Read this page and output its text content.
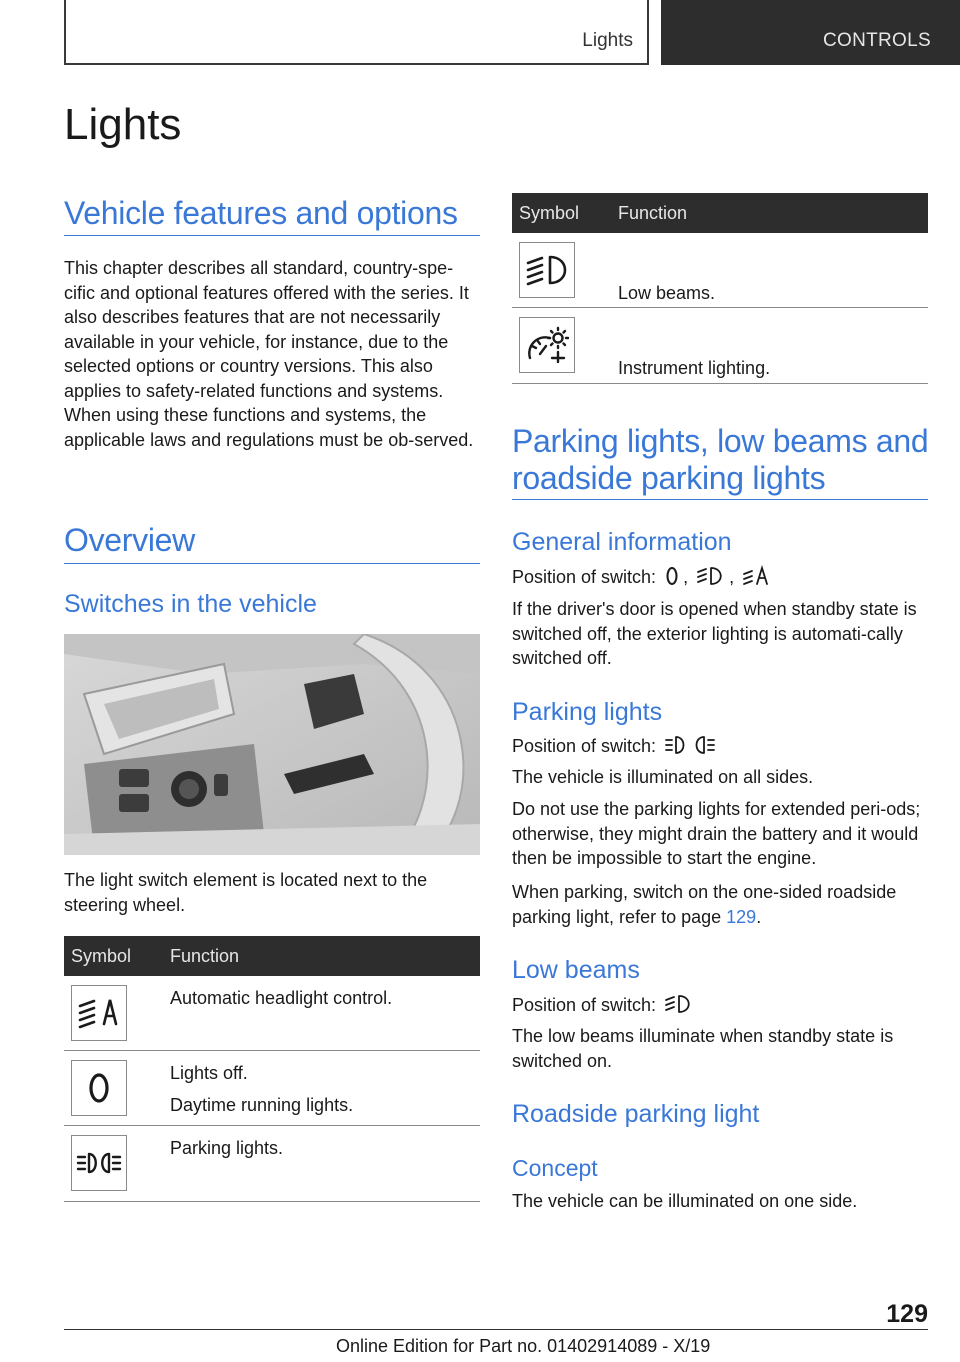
Lights	CONTROLS
Lights
Vehicle features and options

This chapter describes all standard, country-spe-cific and optional features offered with the series. It also describes features that are not necessarily available in your vehicle, for instance, due to the selected options or country versions. This also applies to safety-related functions and systems. When using these functions and systems, the applicable laws and regulations must be ob-served.

Overview
Switches in the vehicle

The light switch element is located next to the steering wheel.

Symbol Function
Automatic headlight control.
Lights off.
Daytime running lights.
Parking lights.
Symbol Function
Low beams.
Instrument lighting.
Parking lights, low beams and
roadside parking lights
General information

Position of switch: , ,

If the driver's door is opened when standby state is switched off, the exterior lighting is automati-cally switched off.

Parking lights

Position of switch:

The vehicle is illuminated on all sides.

Do not use the parking lights for extended peri-ods; otherwise, they might drain the battery and it would then be impossible to start the engine.

When parking, switch on the one-sided roadside parking light, refer to page 129.

Low beams

Position of switch:

The low beams illuminate when standby state is switched on.

Roadside parking light
Concept

The vehicle can be illuminated on one side.

129
Online Edition for Part no. 01402914089 - X/19
